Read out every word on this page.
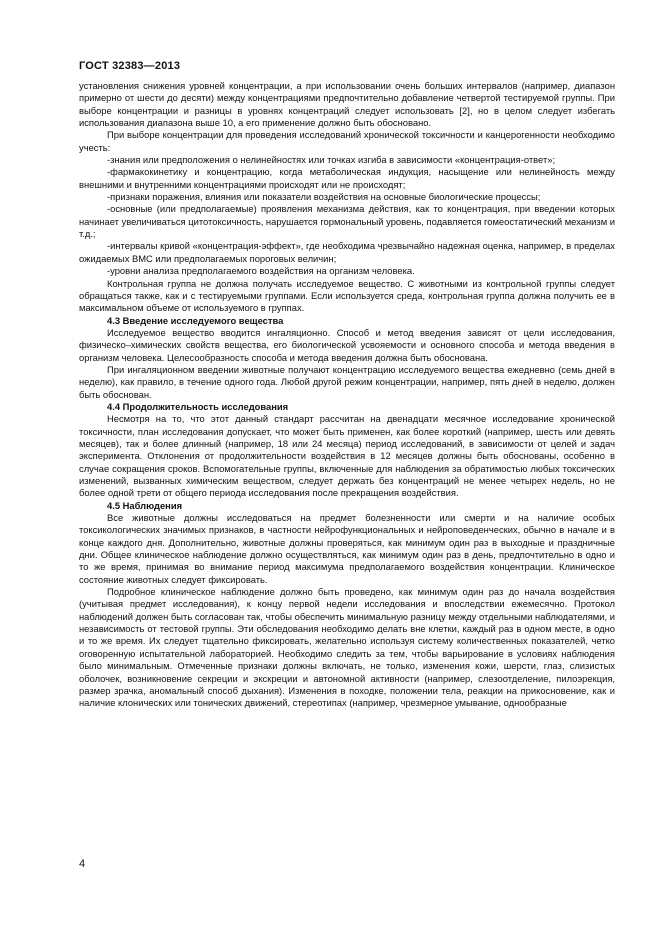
ГОСТ 32383—2013

установления снижения уровней концентрации, а при использовании очень больших интервалов (например, диапазон примерно от шести до десяти) между концентрациями предпочтительно добавление четвертой тестируемой группы. При выборе концентрации и разницы в уровнях концентраций следует использовать [2], но в целом следует избегать использования диапазона выше 10, а его применение должно быть обосновано.

При выборе концентрации для проведения исследований хронической токсичности и канцерогенности необходимо учесть:

-знания или предположения о нелинейностях или точках изгиба в зависимости «концентрация-ответ»;

-фармакокинетику и концентрацию, когда метаболическая индукция, насыщение или нелинейность между внешними и внутренними концентрациями происходят или не происходят;

-признаки поражения, влияния или показатели воздействия на основные биологические процессы;

-основные (или предполагаемые) проявления механизма действия, как то концентрация, при введении которых начинает увеличиваться цитотоксичность, нарушается гормональный уровень, подавляется гомеостатический механизм и т.д.;

-интервалы кривой «концентрация-эффект», где необходима чрезвычайно надежная оценка, например, в пределах ожидаемых ВМС или предполагаемых пороговых величин;

-уровни анализа предполагаемого воздействия на организм человека.

Контрольная группа не должна получать исследуемое вещество. С животными из контрольной группы следует обращаться также, как и с тестируемыми группами. Если используется среда, контрольная группа должна получить ее в максимальном объеме от используемого в группах.

4.3 Введение исследуемого вещества

Исследуемое вещество вводится ингаляционно. Способ и метод введения зависят от цели исследования, физическо–химических свойств вещества, его биологической усвояемости и основного способа и метода введения в организм человека. Целесообразность способа и метода введения должна быть обоснована.

При ингаляционном введении животные получают концентрацию исследуемого вещества ежедневно (семь дней в неделю), как правило, в течение одного года. Любой другой режим концентрации, например, пять дней в неделю, должен быть обоснован.

4.4 Продолжительность исследования

Несмотря на то, что этот данный стандарт рассчитан на двенадцати месячное исследование хронической токсичности, план исследования допускает, что может быть применен, как более короткий (например, шесть или девять месяцев), так и более длинный (например, 18 или 24 месяца) период исследований, в зависимости от целей и задач эксперимента. Отклонения от продолжительности воздействия в 12 месяцев должны быть обоснованы, особенно в случае сокращения сроков. Вспомогательные группы, включенные для наблюдения за обратимостью любых токсических изменений, вызванных химическим веществом, следует держать без концентраций не менее четырех недель, но не более одной трети от общего периода исследования после прекращения воздействия.

4.5 Наблюдения

Все животные должны исследоваться на предмет болезненности или смерти и на наличие особых токсикологических значимых признаков, в частности нейрофункциональных и нейроповеденческих, обычно в начале и в конце каждого дня. Дополнительно, животные должны проверяться, как минимум один раз в выходные и праздничные дни. Общее клиническое наблюдение должно осуществляться, как минимум один раз в день, предпочтительно в одно и то же время, принимая во внимание период максимума предполагаемого воздействия концентрации. Клиническое состояние животных следует фиксировать.

Подробное клиническое наблюдение должно быть проведено, как минимум один раз до начала воздействия (учитывая предмет исследования), к концу первой недели исследования и впоследствии ежемесячно. Протокол наблюдений должен быть согласован так, чтобы обеспечить минимальную разницу между отдельными наблюдателями, и независимость от тестовой группы. Эти обследования необходимо делать вне клетки, каждый раз в одном месте, в одно и то же время. Их следует тщательно фиксировать, желательно используя систему количественных показателей, четко оговоренную испытательной лабораторией. Необходимо следить за тем, чтобы варьирование в условиях наблюдения было минимальным. Отмеченные признаки должны включать, не только, изменения кожи, шерсти, глаз, слизистых оболочек, возникновение секреции и экскреции и автономной активности (например, слезоотделение, пилоэрекция, размер зрачка, аномальный способ дыхания). Изменения в походке, положении тела, реакции на прикосновение, как и наличие клонических или тонических движений, стереотипах (например, чрезмерное умывание, однообразные

4
